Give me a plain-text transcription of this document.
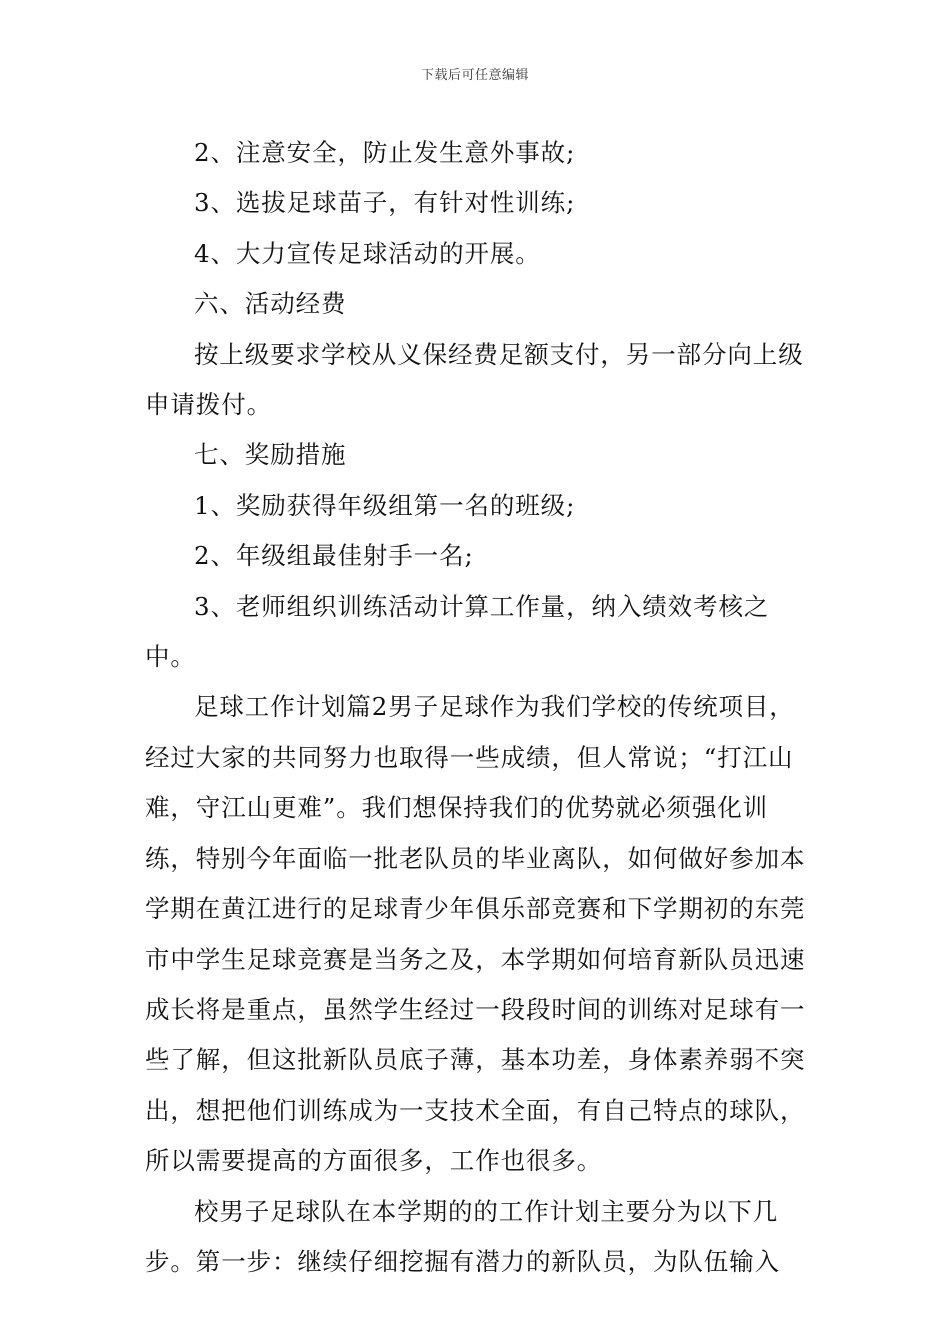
下载后可任意编辑

2、注意安全，防止发生意外事故;

3、选拔足球苗子，有针对性训练;

4、大力宣传足球活动的开展。

六、活动经费

按上级要求学校从义保经费足额支付，另一部分向上级申请拨付。

七、奖励措施

1、奖励获得年级组第一名的班级;

2、年级组最佳射手一名;

3、老师组织训练活动计算工作量，纳入绩效考核之中。

足球工作计划篇2男子足球作为我们学校的传统项目，经过大家的共同努力也取得一些成绩，但人常说；“打江山难，守江山更难”。我们想保持我们的优势就必须强化训练，特别今年面临一批老队员的毕业离队，如何做好参加本学期在黄江进行的足球青少年俱乐部竞赛和下学期初的东莞市中学生足球竞赛是当务之及，本学期如何培育新队员迅速成长将是重点，虽然学生经过一段段时间的训练对足球有一些了解，但这批新队员底子薄，基本功差，身体素养弱不突出，想把他们训练成为一支技术全面，有自己特点的球队，所以需要提高的方面很多，工作也很多。

校男子足球队在本学期的的工作计划主要分为以下几步。第一步：继续仔细挖掘有潜力的新队员，为队伍输入
